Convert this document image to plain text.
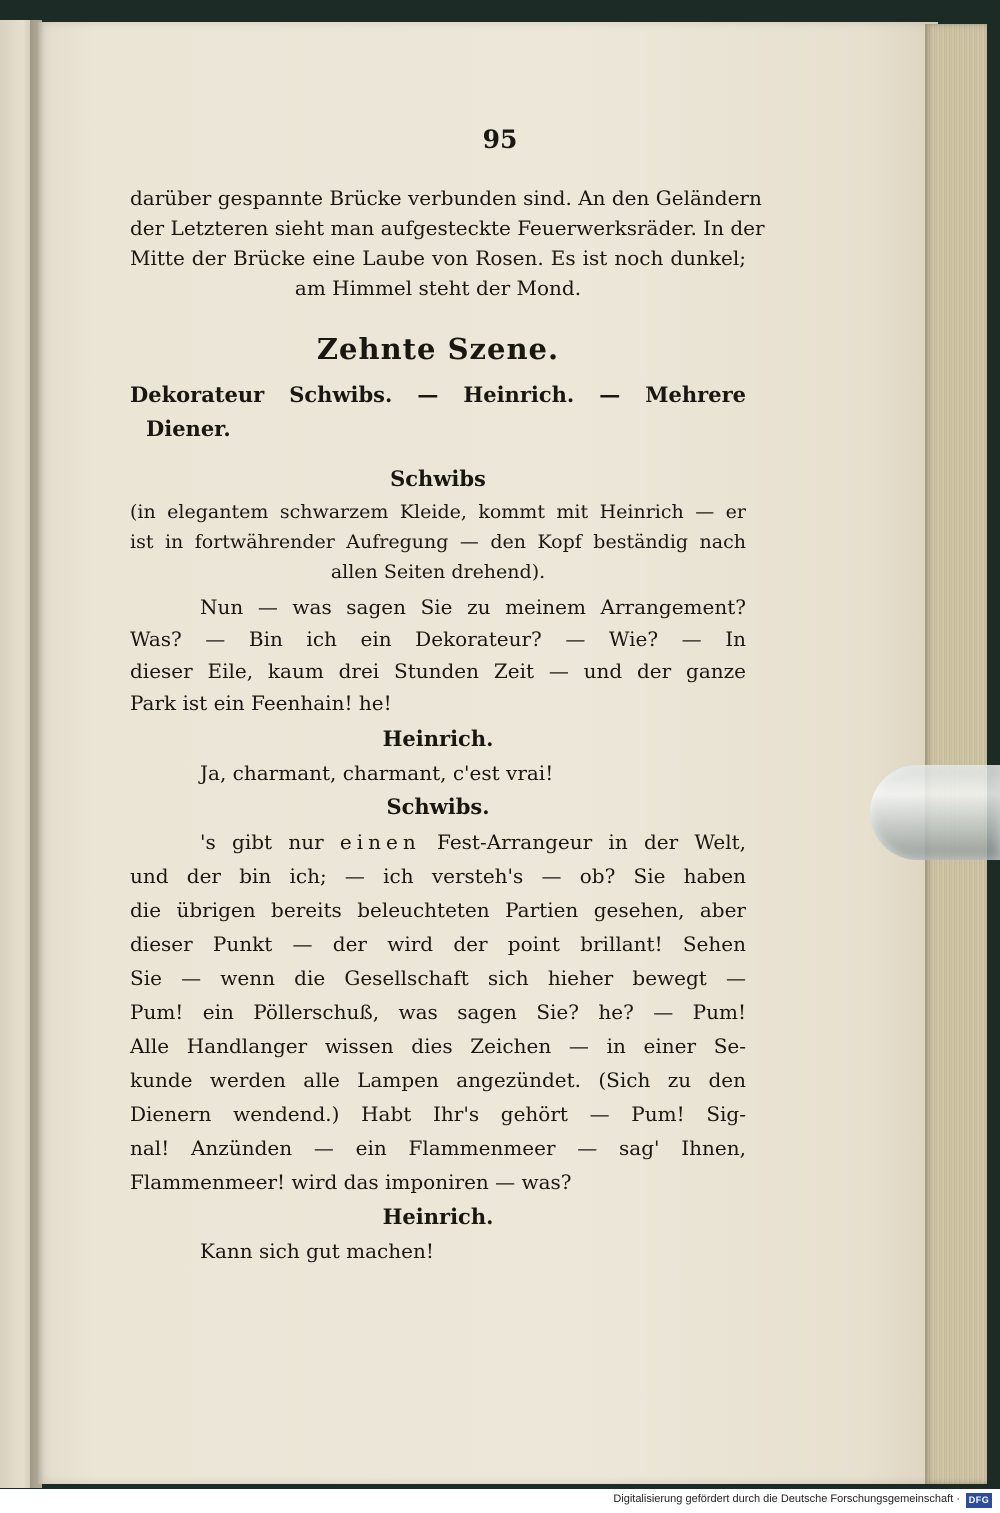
95
darüber gespannte Brücke verbunden sind. An den Geländern
der Letzteren sieht man aufgesteckte Feuerwerksräder. In der
Mitte der Brücke eine Laube von Rosen. Es ist noch dunkel;
am Himmel steht der Mond.
Zehnte Szene.
Dekorateur Schwibs. — Heinrich. — Mehrere
Diener.
Schwibs
(in elegantem schwarzem Kleide, kommt mit Heinrich — er
ist in fortwährender Aufregung — den Kopf beständig nach
allen Seiten drehend).
Nun — was sagen Sie zu meinem Arrangement?
Was? — Bin ich ein Dekorateur? — Wie? — In
dieser Eile, kaum drei Stunden Zeit — und der ganze
Park ist ein Feenhain! he!
Heinrich.
Ja, charmant, charmant, c'est vrai!
Schwibs.
's gibt nur einen Fest-Arrangeur in der Welt,
und der bin ich; — ich versteh's — ob? Sie haben
die übrigen bereits beleuchteten Partien gesehen, aber
dieser Punkt — der wird der point brillant! Sehen
Sie — wenn die Gesellschaft sich hieher bewegt —
Pum! ein Pöllerschuß, was sagen Sie? he? — Pum!
Alle Handlanger wissen dies Zeichen — in einer Se-
kunde werden alle Lampen angezündet. (Sich zu den
Dienern wendend.) Habt Ihr's gehört — Pum! Sig-
nal! Anzünden — ein Flammenmeer — sag' Ihnen,
Flammenmeer! wird das imponiren — was?
Heinrich.
Kann sich gut machen!
Digitalisierung gefördert durch die Deutsche Forschungsgemeinschaft · DFG
